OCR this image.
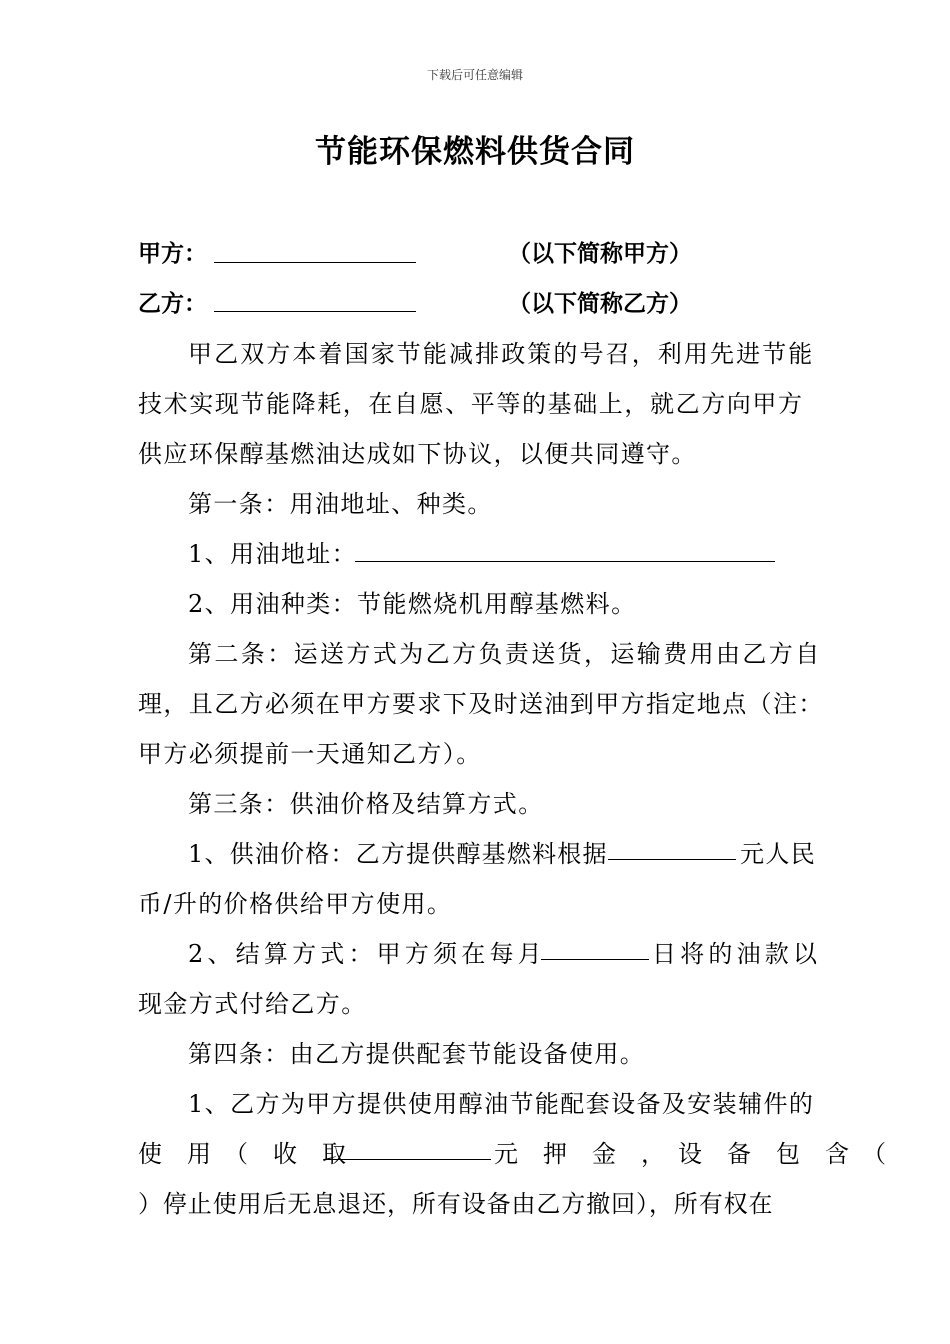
下载后可任意编辑
节能环保燃料供货合同
甲方：	（以下简称甲方）
乙方：	（以下简称乙方）
甲乙双方本着国家节能减排政策的号召，利用先进节能
技术实现节能降耗，在自愿、平等的基础上，就乙方向甲方
供应环保醇基燃油达成如下协议，以便共同遵守。
第一条：用油地址、种类。
1、用油地址：
2、用油种类：节能燃烧机用醇基燃料。
第二条：运送方式为乙方负责送货，运输费用由乙方自
理，且乙方必须在甲方要求下及时送油到甲方指定地点（注：
甲方必须提前一天通知乙方）。
第三条：供油价格及结算方式。
1、供油价格：乙方提供醇基燃料根据	元人民
币/升的价格供给甲方使用。
2、结算方式：甲方须在每月	日将的油款以
现金方式付给乙方。
第四条：由乙方提供配套节能设备使用。
1、乙方为甲方提供使用醇油节能配套设备及安装辅件的
使　用　（　收　取	元　押　金　，　设　备　包　含　（
）停止使用后无息退还，所有设备由乙方撤回），所有权在
